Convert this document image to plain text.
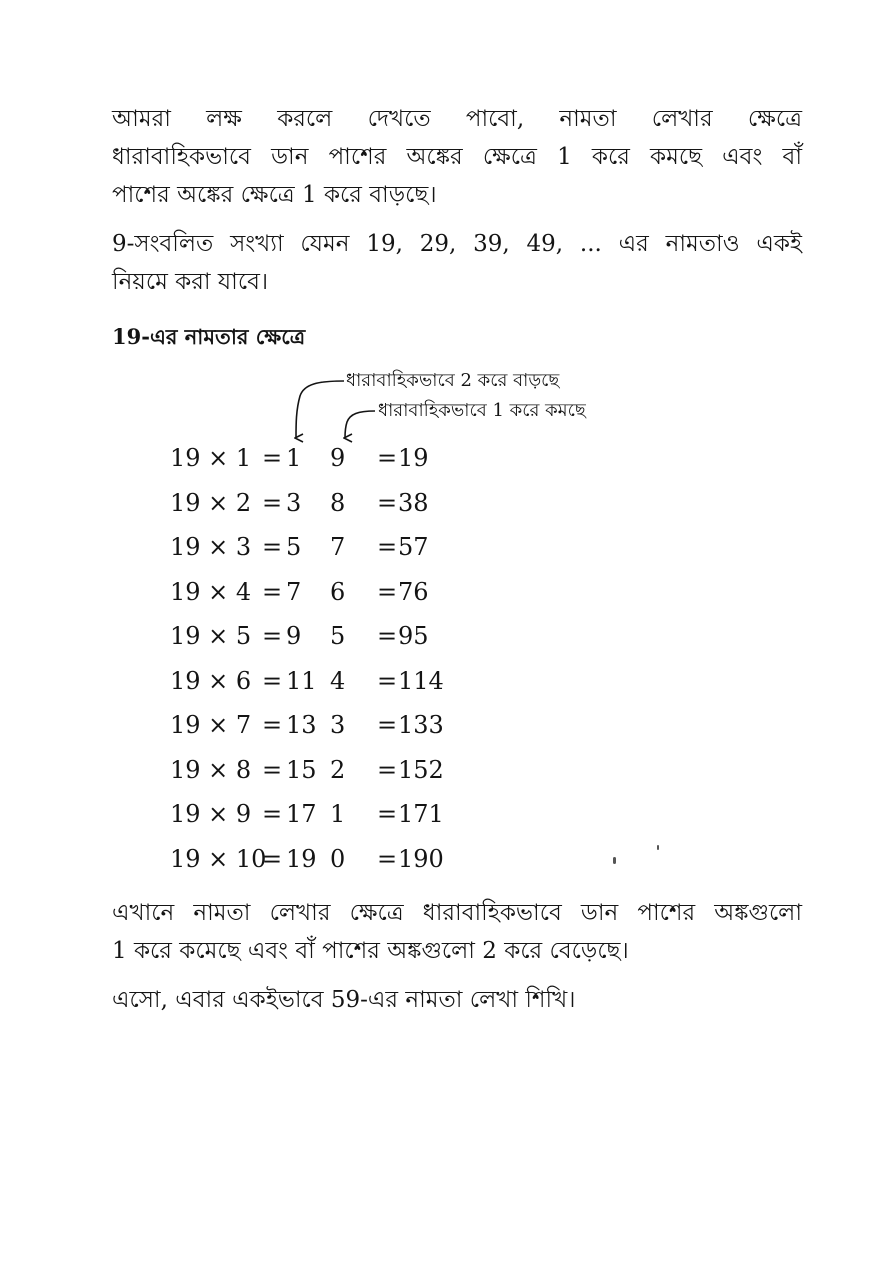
আমরা লক্ষ করলে দেখতে পাবো, নামতা লেখার ক্ষেত্রে
ধারাবাহিকভাবে ডান পাশের অঙ্কের ক্ষেত্রে 1 করে কমছে এবং বাঁ
পাশের অঙ্কের ক্ষেত্রে 1 করে বাড়ছে।

9-সংবলিত সংখ্যা যেমন 19, 29, 39, 49, ... এর নামতাও একই
নিয়মে করা যাবে।

19-এর নামতার ক্ষেত্রে

ধারাবাহিকভাবে 2 করে বাড়ছে
ধারাবাহিকভাবে 1 করে কমছে
19 × 1 = 1 9 = 19
19 × 2 = 3 8 = 38
19 × 3 = 5 7 = 57
19 × 4 = 7 6 = 76
19 × 5 = 9 5 = 95
19 × 6 = 11 4 = 114
19 × 7 = 13 3 = 133
19 × 8 = 15 2 = 152
19 × 9 = 17 1 = 171
19 × 10
= 19 0 = 190

এখানে নামতা লেখার ক্ষেত্রে ধারাবাহিকভাবে ডান পাশের অঙ্কগুলো
1 করে কমেছে এবং বাঁ পাশের অঙ্কগুলো 2 করে বেড়েছে।

এসো, এবার একইভাবে 59-এর নামতা লেখা শিখি।
